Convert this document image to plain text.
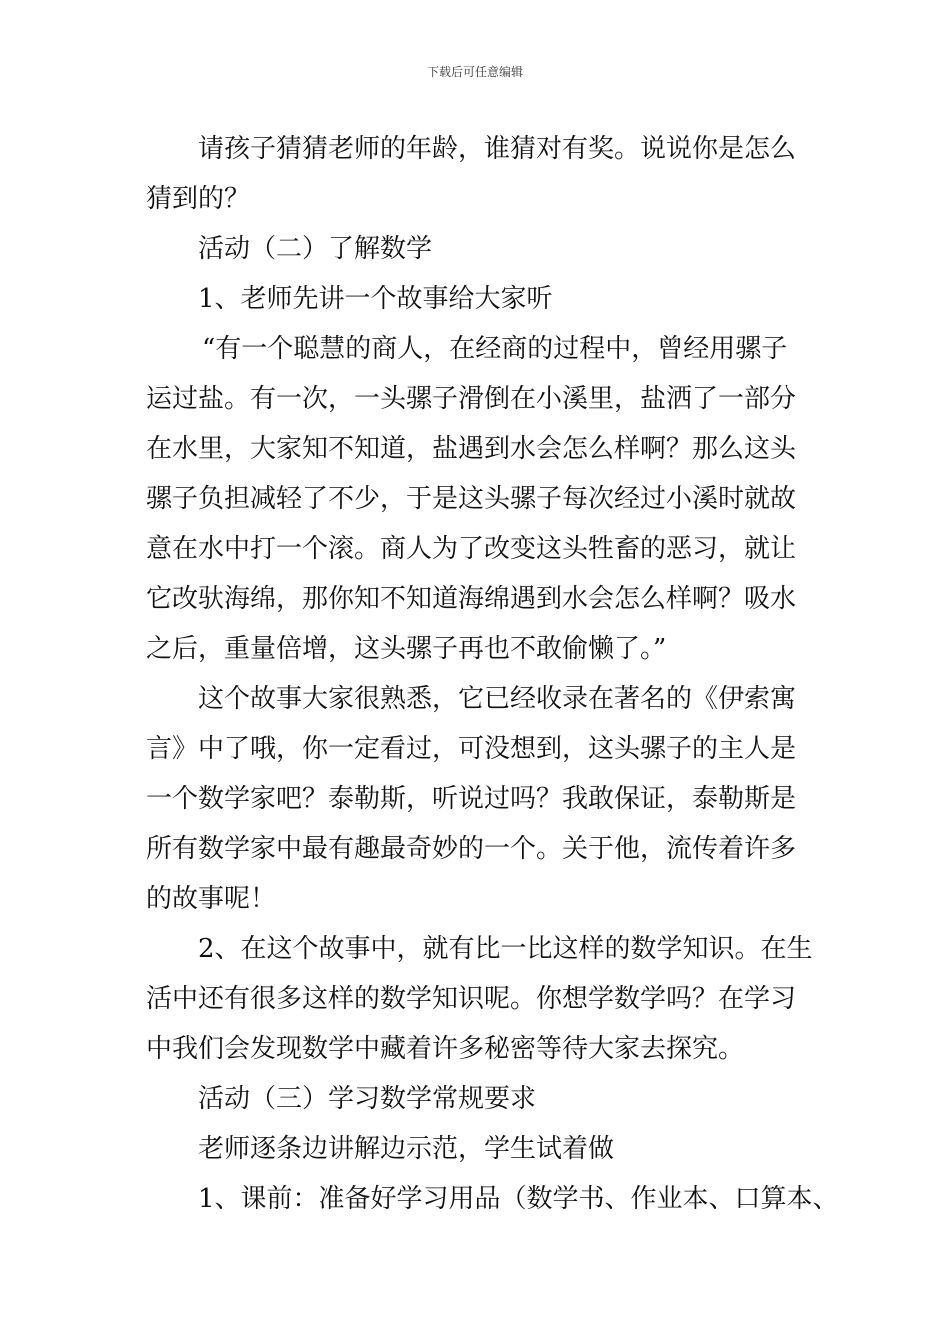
下载后可任意编辑
请孩子猜猜老师的年龄，谁猜对有奖。说说你是怎么
猜到的？
活动（二）了解数学
1、老师先讲一个故事给大家听
“有一个聪慧的商人，在经商的过程中，曾经用骡子
运过盐。有一次，一头骡子滑倒在小溪里，盐洒了一部分
在水里，大家知不知道，盐遇到水会怎么样啊？那么这头
骡子负担减轻了不少，于是这头骡子每次经过小溪时就故
意在水中打一个滚。商人为了改变这头牲畜的恶习，就让
它改驮海绵，那你知不知道海绵遇到水会怎么样啊？吸水
之后，重量倍增，这头骡子再也不敢偷懒了。”
这个故事大家很熟悉，它已经收录在著名的《伊索寓
言》中了哦，你一定看过，可没想到，这头骡子的主人是
一个数学家吧？泰勒斯，听说过吗？我敢保证，泰勒斯是
所有数学家中最有趣最奇妙的一个。关于他，流传着许多
的故事呢！
2、在这个故事中，就有比一比这样的数学知识。在生
活中还有很多这样的数学知识呢。你想学数学吗？在学习
中我们会发现数学中藏着许多秘密等待大家去探究。
活动（三）学习数学常规要求
老师逐条边讲解边示范，学生试着做
1、课前：准备好学习用品（数学书、作业本、口算本、
